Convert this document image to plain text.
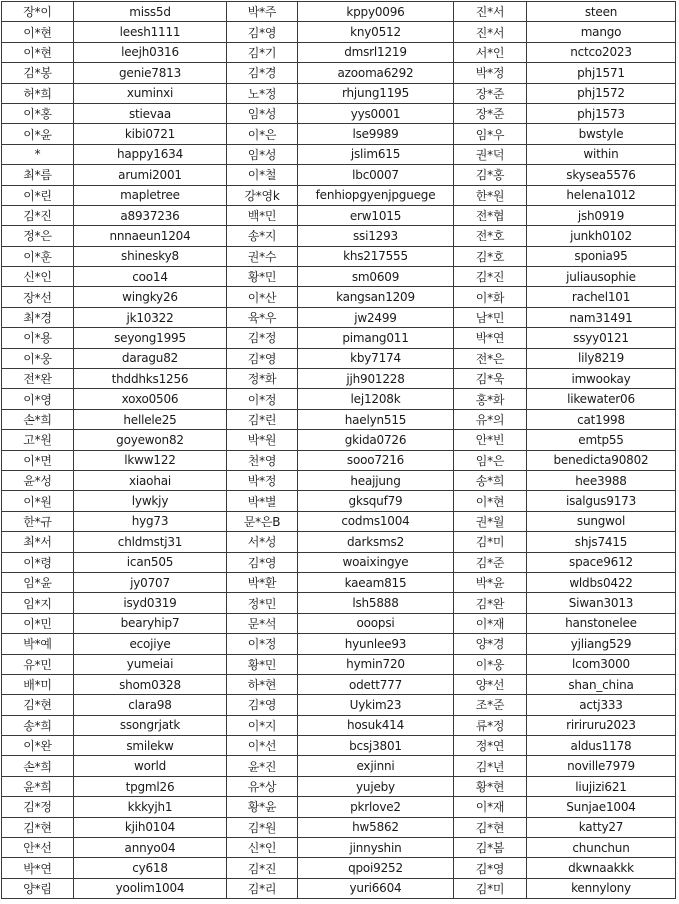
장*이	miss5d	박*주	kppy0096	진*서	steen
이*현	leesh1111	김*영	kny0512	진*서	mango
이*현	leejh0316	김*기	dmsrl1219	서*인	nctco2023
김*봉	genie7813	김*경	azooma6292	박*정	phj1571
허*희	xuminxi	노*정	rhjung1195	장*준	phj1572
이*홍	stievaa	임*성	yys0001	장*준	phj1573
이*윤	kibi0721	이*은	lse9989	임*우	bwstyle
*	happy1634	임*성	jslim615	권*덕	within
최*름	arumi2001	이*철	lbc0007	김*홍	skysea5576
이*린	mapletree	강*영k	fenhiopgyenjpguege	한*원	helena1012
김*진	a8937236	백*민	erw1015	전*협	jsh0919
정*은	nnnaeun1204	송*지	ssi1293	전*호	junkh0102
이*훈	shinesky8	권*수	khs217555	김*호	sponia95
신*인	coo14	황*민	sm0609	김*진	juliausophie
장*선	wingky26	이*산	kangsan1209	이*화	rachel101
최*경	jk10322	육*우	jw2499	남*민	nam31491
이*용	seyong1995	김*정	pimang011	박*연	ssyy0121
이*웅	daragu82	김*영	kby7174	전*은	lily8219
전*완	thddhks1256	정*화	jjh901228	김*욱	imwookay
이*영	xoxo0506	이*정	lej1208k	홍*화	likewater06
손*희	hellele25	김*린	haelyn515	유*의	cat1998
고*원	goyewon82	박*원	gkida0726	안*빈	emtp55
이*면	lkww122	천*영	sooo7216	임*은	benedicta90802
윤*성	xiaohai	박*정	heajjung	송*희	hee3988
이*원	lywkjy	박*별	gksquf79	이*현	isalgus9173
한*규	hyg73	문*은B	codms1004	권*월	sungwol
최*서	chldmstj31	서*성	darksms2	김*미	shjs7415
이*령	ican505	김*영	woaixingye	김*준	space9612
임*윤	jy0707	박*환	kaeam815	박*윤	wldbs0422
임*지	isyd0319	정*민	lsh5888	김*완	Siwan3013
이*민	bearyhip7	문*석	ooopsi	이*재	hanstonelee
박*예	ecojiye	이*정	hyunlee93	양*경	yjliang529
유*민	yumeiai	황*민	hymin720	이*웅	lcom3000
배*미	shom0328	하*현	odett777	양*선	shan_china
김*현	clara98	김*영	Uykim23	조*준	actj333
송*희	ssongrjatk	이*지	hosuk414	류*정	ririruru2023
이*완	smilekw	이*선	bcsj3801	정*연	aldus1178
손*희	world	윤*진	exjinni	김*년	noville7979
윤*희	tpgml26	유*상	yujeby	황*현	liujizi621
김*정	kkkyjh1	황*윤	pkrlove2	이*재	Sunjae1004
김*현	kjih0104	김*원	hw5862	김*현	katty27
안*선	annyo04	신*인	jinnyshin	김*봄	chunchun
박*연	cy618	김*진	qpoi9252	김*영	dkwnaakkk
양*림	yoolim1004	김*리	yuri6604	김*미	kennylony
